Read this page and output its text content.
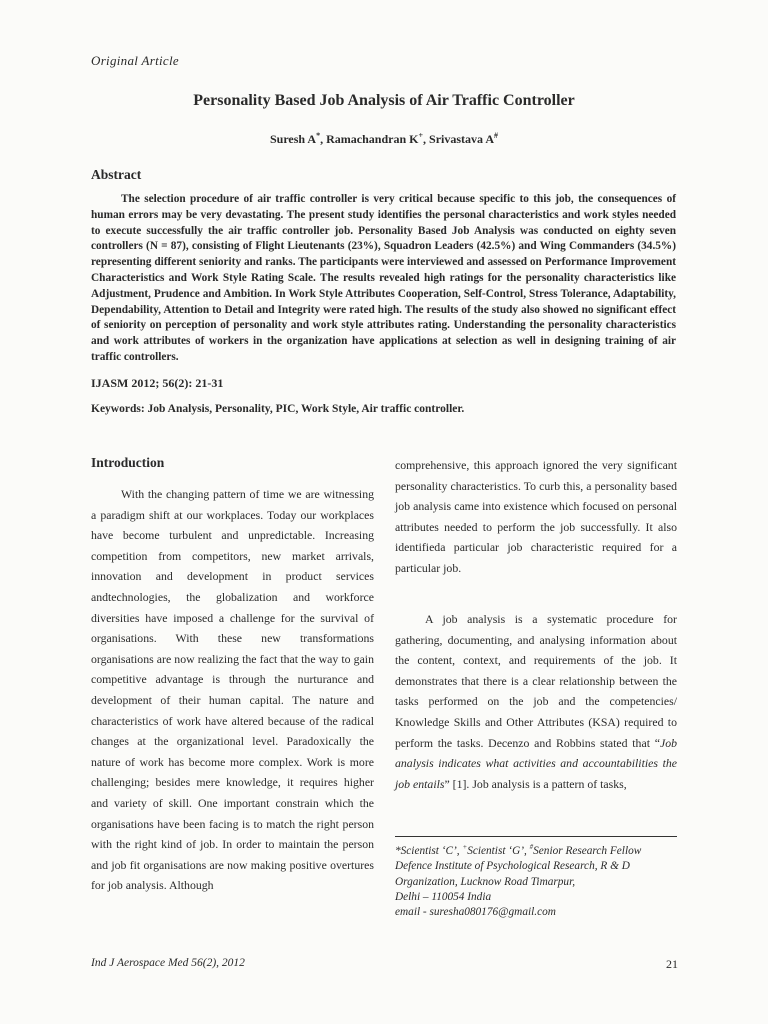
Original Article
Personality Based Job Analysis of Air Traffic Controller
Suresh A*, Ramachandran K+, Srivastava A#
Abstract

The selection procedure of air traffic controller is very critical because specific to this job, the consequences of human errors may be very devastating. The present study identifies the personal characteristics and work styles needed to execute successfully the air traffic controller job. Personality Based Job Analysis was conducted on eighty seven controllers (N = 87), consisting of Flight Lieutenants (23%), Squadron Leaders (42.5%) and Wing Commanders (34.5%) representing different seniority and ranks. The participants were interviewed and assessed on Performance Improvement Characteristics and Work Style Rating Scale. The results revealed high ratings for the personality characteristics like Adjustment, Prudence and Ambition. In Work Style Attributes Cooperation, Self-Control, Stress Tolerance, Adaptability, Dependability, Attention to Detail and Integrity were rated high. The results of the study also showed no significant effect of seniority on perception of personality and work style attributes rating. Understanding the personality characteristics and work attributes of workers in the organization have applications at selection as well in designing training of air traffic controllers.

IJASM 2012; 56(2): 21-31
Keywords: Job Analysis, Personality, PIC, Work Style, Air traffic controller.
Introduction

With the changing pattern of time we are witnessing a paradigm shift at our workplaces. Today our workplaces have become turbulent and unpredictable. Increasing competition from competitors, new market arrivals, innovation and development in product services andtechnologies, the globalization and workforce diversities have imposed a challenge for the survival of organisations. With these new transformations organisations are now realizing the fact that the way to gain competitive advantage is through the nurturance and development of their human capital. The nature and characteristics of work have altered because of the radical changes at the organizational level. Paradoxically the nature of work has become more complex. Work is more challenging; besides mere knowledge, it requires higher and variety of skill. One important constrain which the organisations have been facing is to match the right person with the right kind of job. In order to maintain the person and job fit organisations are now making positive overtures for job analysis. Although

comprehensive, this approach ignored the very significant personality characteristics. To curb this, a personality based job analysis came into existence which focused on personal attributes needed to perform the job successfully. It also identifieda particular job characteristic required for a particular job.

A job analysis is a systematic procedure for gathering, documenting, and analysing information about the content, context, and requirements of the job. It demonstrates that there is a clear relationship between the tasks performed on the job and the competencies/ Knowledge Skills and Other Attributes (KSA) required to perform the tasks. Decenzo and Robbins stated that “Job analysis indicates what activities and accountabilities the job entails” [1]. Job analysis is a pattern of tasks,

*Scientist ‘C’, +Scientist ‘G’, #Senior Research Fellow
Defence Institute of Psychological Research, R & D
Organization, Lucknow Road Timarpur,
Delhi – 110054 India
email - suresha080176@gmail.com
Ind J Aerospace Med 56(2), 2012	21
